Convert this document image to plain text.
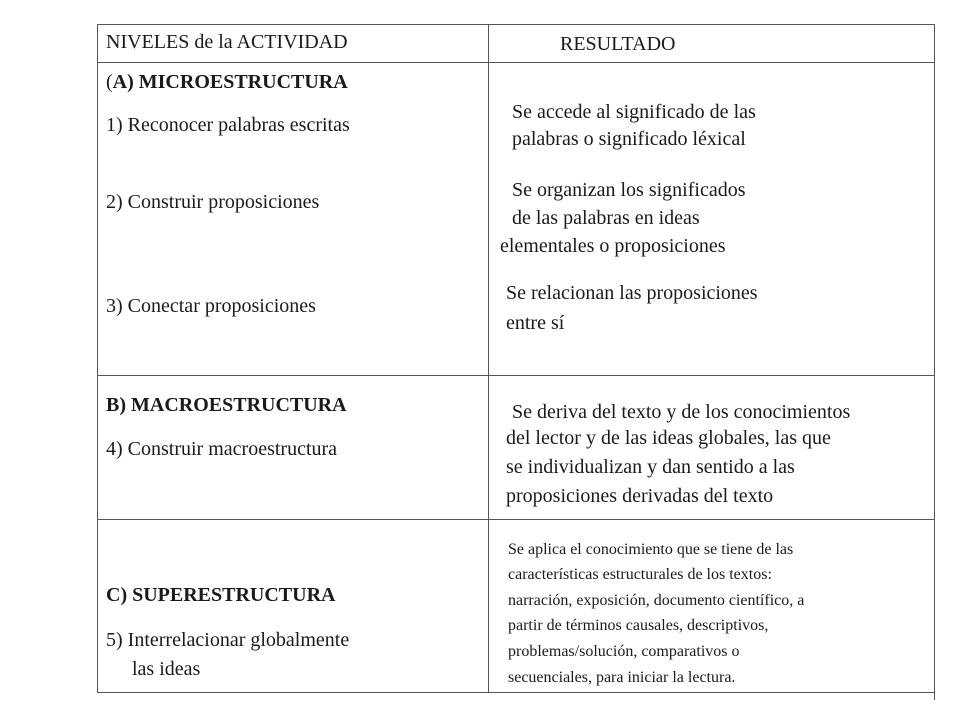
NIVELES de la ACTIVIDAD	RESULTADO
(A) MICROESTRUCTURA
1) Reconocer palabras escritas
2) Construir proposiciones
3) Conectar proposiciones
Se accede al significado de las
palabras o significado léxical
Se organizan los significados
de las palabras en ideas
elementales o proposiciones
Se relacionan las proposiciones
entre sí
B) MACROESTRUCTURA
4) Construir macroestructura
Se deriva del texto y de los conocimientos
del lector y de las ideas globales, las que
se individualizan y dan sentido a las
proposiciones derivadas del texto
C) SUPERESTRUCTURA
5) Interrelacionar globalmente
las ideas
Se aplica el conocimiento que se tiene de las
características estructurales de los textos:
narración, exposición, documento científico, a
partir de términos causales, descriptivos,
problemas/solución, comparativos o
secuenciales, para iniciar la lectura.
